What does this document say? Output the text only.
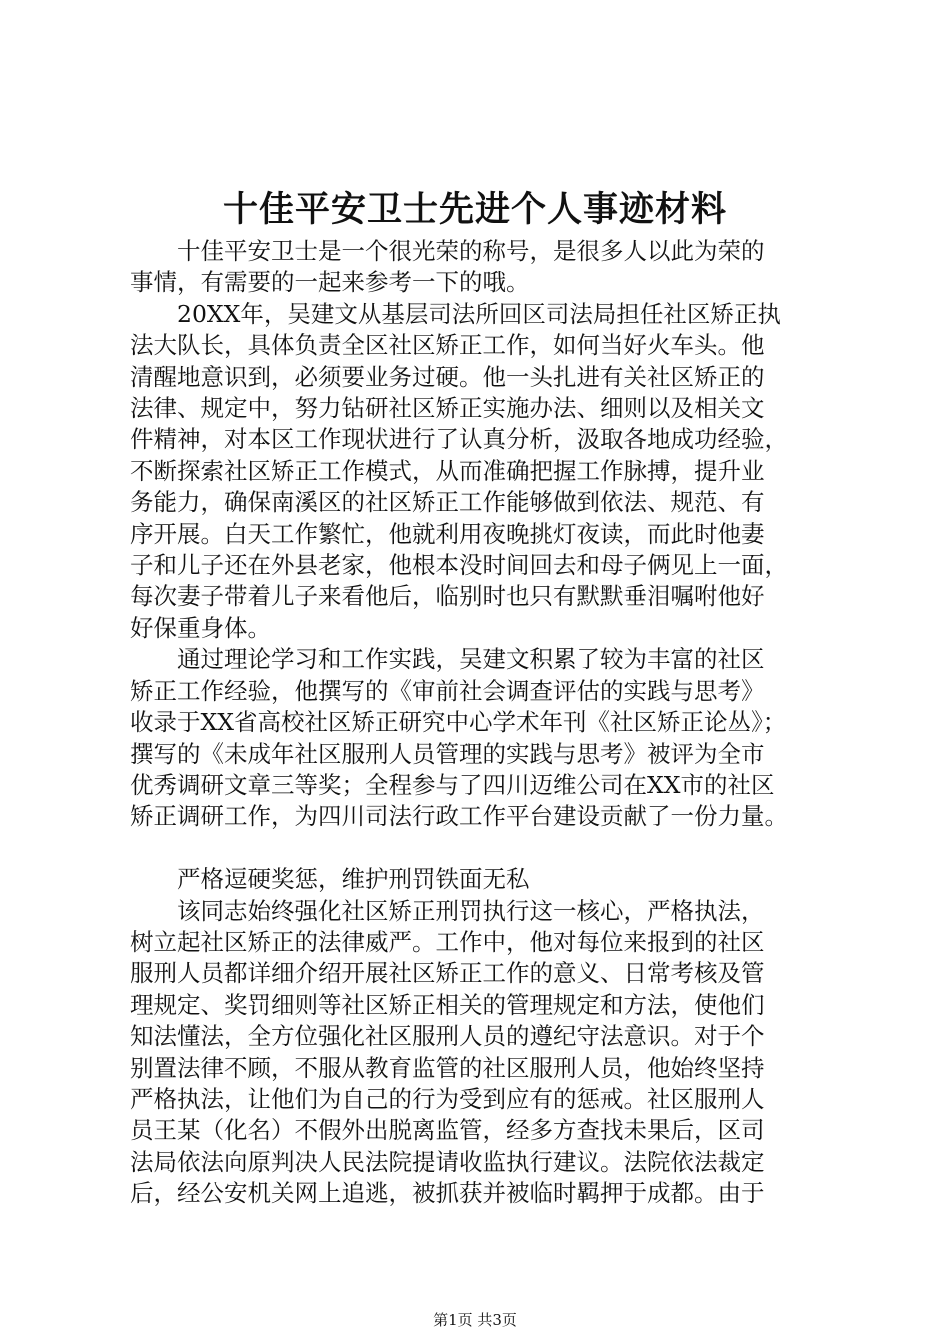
十佳平安卫士先进个人事迹材料

十佳平安卫士是一个很光荣的称号，是很多人以此为荣的
事情，有需要的一起来参考一下的哦。

20XX年，吴建文从基层司法所回区司法局担任社区矫正执
法大队长，具体负责全区社区矫正工作，如何当好火车头。他
清醒地意识到，必须要业务过硬。他一头扎进有关社区矫正的
法律、规定中，努力钻研社区矫正实施办法、细则以及相关文
件精神，对本区工作现状进行了认真分析，汲取各地成功经验，
不断探索社区矫正工作模式，从而准确把握工作脉搏，提升业
务能力，确保南溪区的社区矫正工作能够做到依法、规范、有
序开展。白天工作繁忙，他就利用夜晚挑灯夜读，而此时他妻
子和儿子还在外县老家，他根本没时间回去和母子俩见上一面，
每次妻子带着儿子来看他后，临别时也只有默默垂泪嘱咐他好
好保重身体。

通过理论学习和工作实践，吴建文积累了较为丰富的社区
矫正工作经验，他撰写的《审前社会调查评估的实践与思考》
收录于XX省高校社区矫正研究中心学术年刊《社区矫正论丛》；
撰写的《未成年社区服刑人员管理的实践与思考》被评为全市
优秀调研文章三等奖；全程参与了四川迈维公司在XX市的社区
矫正调研工作，为四川司法行政工作平台建设贡献了一份力量。

严格逗硬奖惩，维护刑罚铁面无私

该同志始终强化社区矫正刑罚执行这一核心，严格执法，
树立起社区矫正的法律威严。工作中，他对每位来报到的社区
服刑人员都详细介绍开展社区矫正工作的意义、日常考核及管
理规定、奖罚细则等社区矫正相关的管理规定和方法，使他们
知法懂法，全方位强化社区服刑人员的遵纪守法意识。对于个
别置法律不顾，不服从教育监管的社区服刑人员，他始终坚持
严格执法，让他们为自己的行为受到应有的惩戒。社区服刑人
员王某（化名）不假外出脱离监管，经多方查找未果后，区司
法局依法向原判决人民法院提请收监执行建议。法院依法裁定
后，经公安机关网上追逃，被抓获并被临时羁押于成都。由于

第1页 共3页
